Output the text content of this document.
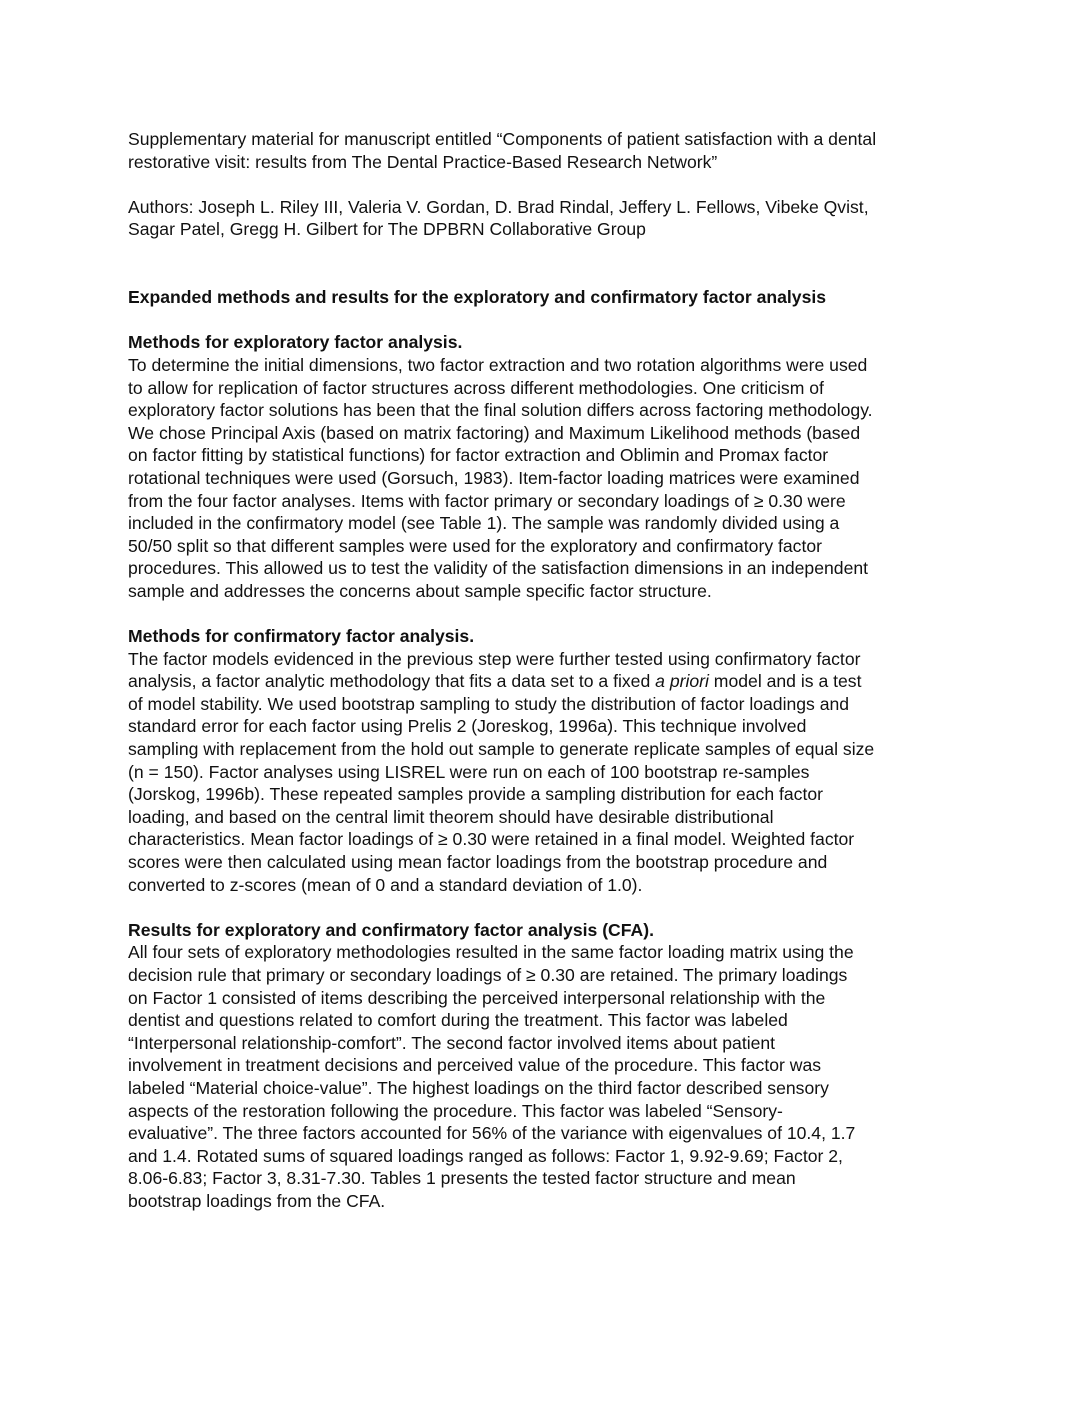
Supplementary material for manuscript entitled “Components of patient satisfaction with a dental
restorative visit: results from The Dental Practice-Based Research Network”
Authors: Joseph L. Riley III, Valeria V. Gordan, D. Brad Rindal, Jeffery L. Fellows, Vibeke Qvist,
Sagar Patel, Gregg H. Gilbert for The DPBRN Collaborative Group
Expanded methods and results for the exploratory and confirmatory factor analysis
Methods for exploratory factor analysis.
To determine the initial dimensions, two factor extraction and two rotation algorithms were used
to allow for replication of factor structures across different methodologies. One criticism of
exploratory factor solutions has been that the final solution differs across factoring methodology.
We chose Principal Axis (based on matrix factoring) and Maximum Likelihood methods (based
on factor fitting by statistical functions) for factor extraction and Oblimin and Promax factor
rotational techniques were used (Gorsuch, 1983). Item-factor loading matrices were examined
from the four factor analyses. Items with factor primary or secondary loadings of ≥ 0.30 were
included in the confirmatory model (see Table 1). The sample was randomly divided using a
50/50 split so that different samples were used for the exploratory and confirmatory factor
procedures. This allowed us to test the validity of the satisfaction dimensions in an independent
sample and addresses the concerns about sample specific factor structure.
Methods for confirmatory factor analysis.
The factor models evidenced in the previous step were further tested using confirmatory factor
analysis, a factor analytic methodology that fits a data set to a fixed a priori model and is a test
of model stability. We used bootstrap sampling to study the distribution of factor loadings and
standard error for each factor using Prelis 2 (Joreskog, 1996a). This technique involved
sampling with replacement from the hold out sample to generate replicate samples of equal size
(n = 150). Factor analyses using LISREL were run on each of 100 bootstrap re-samples
(Jorskog, 1996b). These repeated samples provide a sampling distribution for each factor
loading, and based on the central limit theorem should have desirable distributional
characteristics. Mean factor loadings of ≥ 0.30 were retained in a final model. Weighted factor
scores were then calculated using mean factor loadings from the bootstrap procedure and
converted to z-scores (mean of 0 and a standard deviation of 1.0).
Results for exploratory and confirmatory factor analysis (CFA).
All four sets of exploratory methodologies resulted in the same factor loading matrix using the
decision rule that primary or secondary loadings of ≥ 0.30 are retained. The primary loadings
on Factor 1 consisted of items describing the perceived interpersonal relationship with the
dentist and questions related to comfort during the treatment. This factor was labeled
“Interpersonal relationship-comfort”. The second factor involved items about patient
involvement in treatment decisions and perceived value of the procedure. This factor was
labeled “Material choice-value”. The highest loadings on the third factor described sensory
aspects of the restoration following the procedure. This factor was labeled “Sensory-
evaluative”. The three factors accounted for 56% of the variance with eigenvalues of 10.4, 1.7
and 1.4. Rotated sums of squared loadings ranged as follows: Factor 1, 9.92-9.69; Factor 2,
8.06-6.83; Factor 3, 8.31-7.30. Tables 1 presents the tested factor structure and mean
bootstrap loadings from the CFA.
